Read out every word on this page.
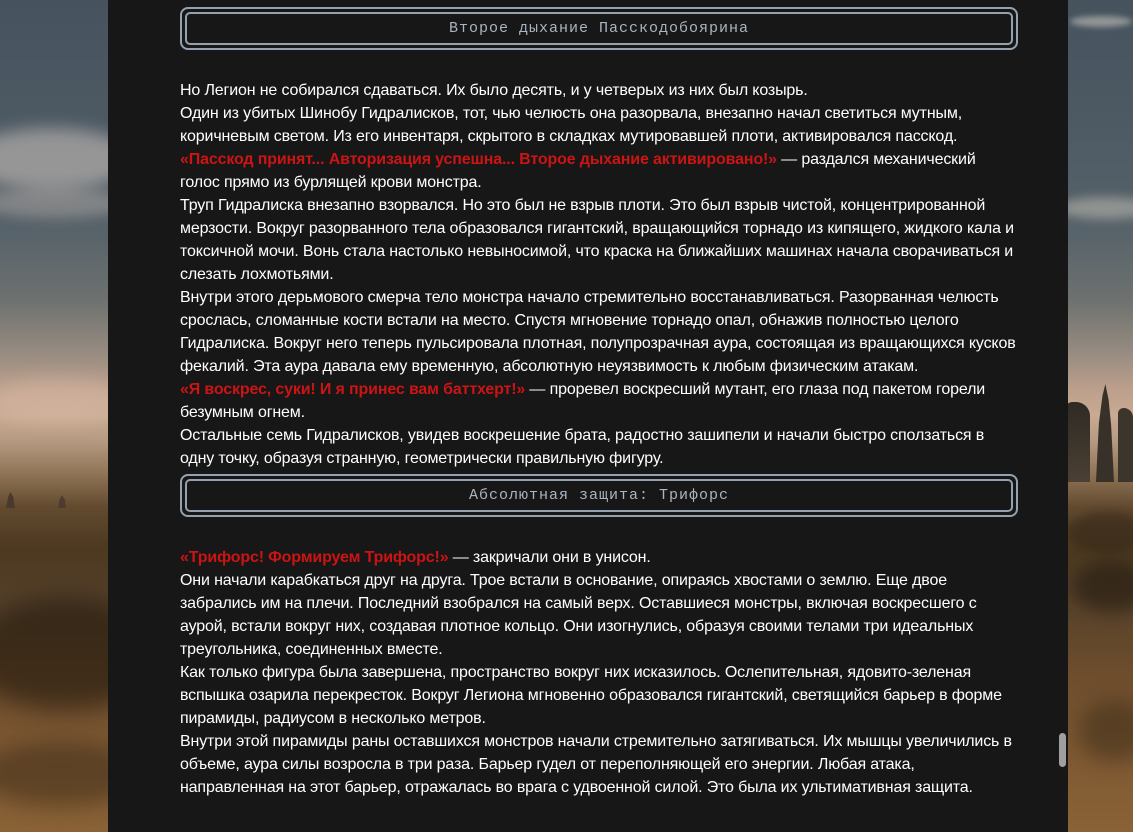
Второе дыхание Пасскодобоярина
Но Легион не собирался сдаваться. Их было десять, и у четверых из них был козырь.
Один из убитых Шинобу Гидралисков, тот, чью челюсть она разорвала, внезапно начал светиться мутным, коричневым светом. Из его инвентаря, скрытого в складках мутировавшей плоти, активировался пасскод.
«Пасскод принят... Авторизация успешна... Второе дыхание активировано!» — раздался механический голос прямо из бурлящей крови монстра.
Труп Гидралиска внезапно взорвался. Но это был не взрыв плоти. Это был взрыв чистой, концентрированной мерзости. Вокруг разорванного тела образовался гигантский, вращающийся торнадо из кипящего, жидкого кала и токсичной мочи. Вонь стала настолько невыносимой, что краска на ближайших машинах начала сворачиваться и слезать лохмотьями.
Внутри этого дерьмового смерча тело монстра начало стремительно восстанавливаться. Разорванная челюсть срослась, сломанные кости встали на место. Спустя мгновение торнадо опал, обнажив полностью целого Гидралиска. Вокруг него теперь пульсировала плотная, полупрозрачная аура, состоящая из вращающихся кусков фекалий. Эта аура давала ему временную, абсолютную неуязвимость к любым физическим атакам.
«Я воскрес, суки! И я принес вам баттхерт!» — проревел воскресший мутант, его глаза под пакетом горели безумным огнем.
Остальные семь Гидралисков, увидев воскрешение брата, радостно зашипели и начали быстро сползаться в одну точку, образуя странную, геометрически правильную фигуру.
Абсолютная защита: Трифорс
«Трифорс! Формируем Трифорс!» — закричали они в унисон.
Они начали карабкаться друг на друга. Трое встали в основание, опираясь хвостами о землю. Еще двое забрались им на плечи. Последний взобрался на самый верх. Оставшиеся монстры, включая воскресшего с аурой, встали вокруг них, создавая плотное кольцо. Они изогнулись, образуя своими телами три идеальных треугольника, соединенных вместе.
Как только фигура была завершена, пространство вокруг них исказилось. Ослепительная, ядовито-зеленая вспышка озарила перекресток. Вокруг Легиона мгновенно образовался гигантский, светящийся барьер в форме пирамиды, радиусом в несколько метров.
Внутри этой пирамиды раны оставшихся монстров начали стремительно затягиваться. Их мышцы увеличились в объеме, аура силы возросла в три раза. Барьер гудел от переполняющей его энергии. Любая атака, направленная на этот барьер, отражалась во врага с удвоенной силой. Это была их ультимативная защита.
